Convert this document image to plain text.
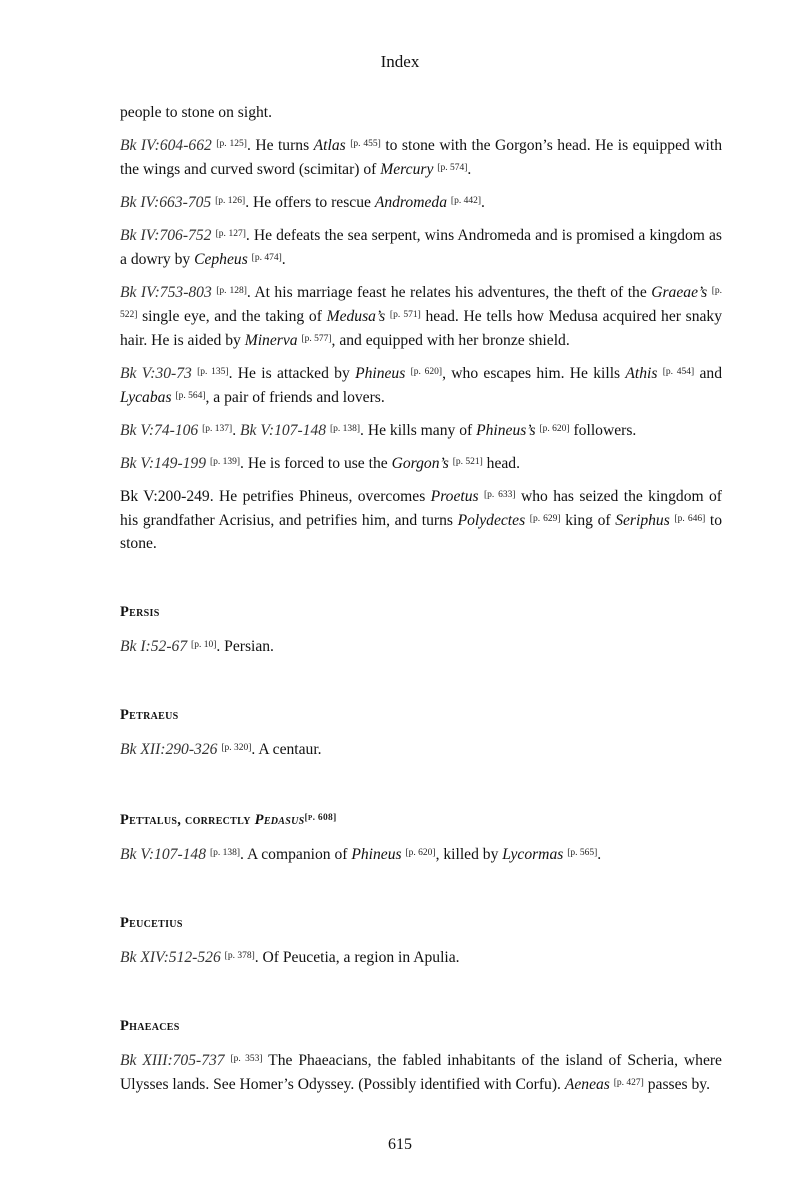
Index

people to stone on sight.

Bk IV:604-662 [p. 125]. He turns Atlas [p. 455] to stone with the Gorgon’s head. He is equipped with the wings and curved sword (scimitar) of Mercury [p. 574].

Bk IV:663-705 [p. 126]. He offers to rescue Andromeda [p. 442].

Bk IV:706-752 [p. 127]. He defeats the sea serpent, wins Andromeda and is promised a kingdom as a dowry by Cepheus [p. 474].

Bk IV:753-803 [p. 128]. At his marriage feast he relates his adventures, the theft of the Graeae’s [p. 522] single eye, and the taking of Medusa’s [p. 571] head. He tells how Medusa acquired her snaky hair. He is aided by Minerva [p. 577], and equipped with her bronze shield.

Bk V:30-73 [p. 135]. He is attacked by Phineus [p. 620], who escapes him. He kills Athis [p. 454] and Lycabas [p. 564], a pair of friends and lovers.

Bk V:74-106 [p. 137]. Bk V:107-148 [p. 138]. He kills many of Phineus’s [p. 620] followers.

Bk V:149-199 [p. 139]. He is forced to use the Gorgon’s [p. 521] head.

Bk V:200-249. He petrifies Phineus, overcomes Proetus [p. 633] who has seized the kingdom of his grandfather Acrisius, and petrifies him, and turns Polydectes [p. 629] king of Seriphus [p. 646] to stone.

Persis

Bk I:52-67 [p. 10]. Persian.

Petraeus

Bk XII:290-326 [p. 320]. A centaur.

Pettalus, correctly Pedasus[p. 608]

Bk V:107-148 [p. 138]. A companion of Phineus [p. 620], killed by Lycormas [p. 565].

Peucetius

Bk XIV:512-526 [p. 378]. Of Peucetia, a region in Apulia.

Phaeaces

Bk XIII:705-737 [p. 353] The Phaeacians, the fabled inhabitants of the island of Scheria, where Ulysses lands. See Homer’s Odyssey. (Possibly identified with Corfu). Aeneas [p. 427] passes by.

615
